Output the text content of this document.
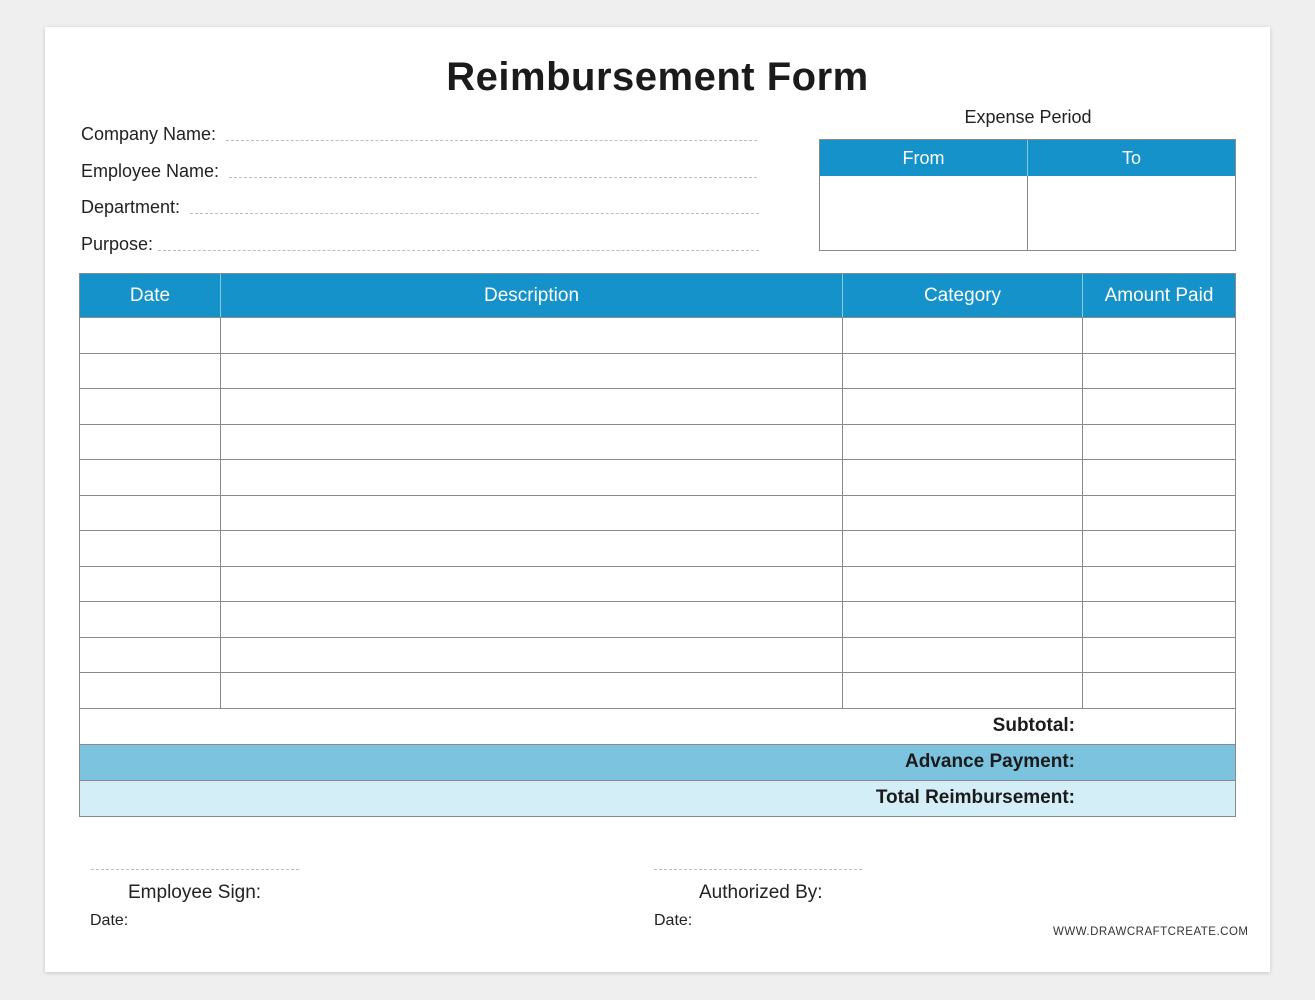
Reimbursement Form
Company Name:
Employee Name:
Department:
Purpose:
Expense Period
From	To
Date	Description	Category	Amount Paid
Subtotal:
Advance Payment:
Total Reimbursement:
Employee Sign:
Date:
Authorized By:
Date:
WWW.DRAWCRAFTCREATE.COM
